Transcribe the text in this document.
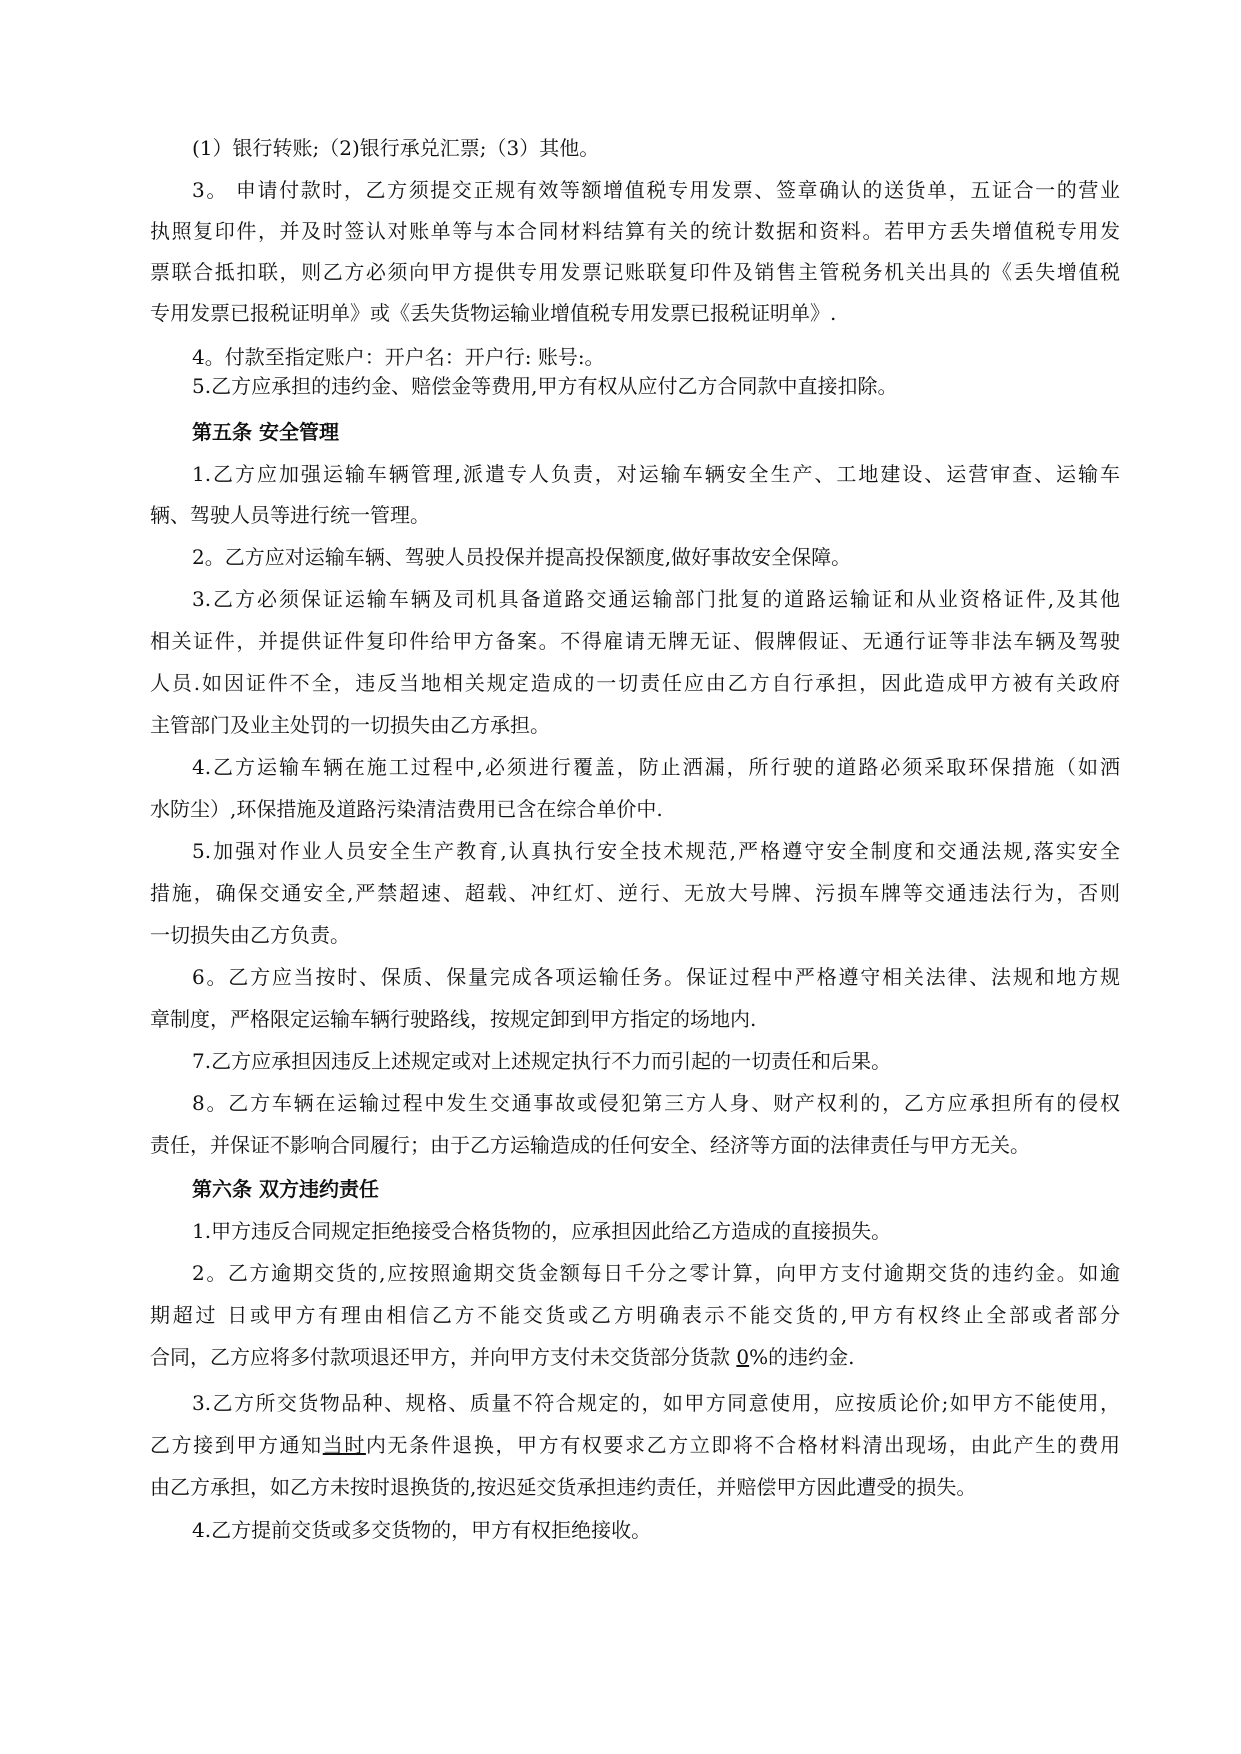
(1）银行转账;（2)银行承兑汇票;（3）其他。
3。 申请付款时，乙方须提交正规有效等额增值税专用发票、签章确认的送货单，五证合一的营业
执照复印件，并及时签认对账单等与本合同材料结算有关的统计数据和资料。若甲方丢失增值税专用发
票联合抵扣联，则乙方必须向甲方提供专用发票记账联复印件及销售主管税务机关出具的《丢失增值税
专用发票已报税证明单》或《丢失货物运输业增值税专用发票已报税证明单》.
4。付款至指定账户：开户名：开户行: 账号:。
5.乙方应承担的违约金、赔偿金等费用,甲方有权从应付乙方合同款中直接扣除。
第五条 安全管理
1.乙方应加强运输车辆管理,派遣专人负责，对运输车辆安全生产、工地建设、运营审查、运输车
辆、驾驶人员等进行统一管理。
2。乙方应对运输车辆、驾驶人员投保并提高投保额度,做好事故安全保障。
3.乙方必须保证运输车辆及司机具备道路交通运输部门批复的道路运输证和从业资格证件,及其他
相关证件，并提供证件复印件给甲方备案。不得雇请无牌无证、假牌假证、无通行证等非法车辆及驾驶
人员.如因证件不全，违反当地相关规定造成的一切责任应由乙方自行承担，因此造成甲方被有关政府
主管部门及业主处罚的一切损失由乙方承担。
4.乙方运输车辆在施工过程中,必须进行覆盖，防止洒漏，所行驶的道路必须采取环保措施（如洒
水防尘）,环保措施及道路污染清洁费用已含在综合单价中.
5.加强对作业人员安全生产教育,认真执行安全技术规范,严格遵守安全制度和交通法规,落实安全
措施，确保交通安全,严禁超速、超载、冲红灯、逆行、无放大号牌、污损车牌等交通违法行为，否则
一切损失由乙方负责。
6。乙方应当按时、保质、保量完成各项运输任务。保证过程中严格遵守相关法律、法规和地方规
章制度，严格限定运输车辆行驶路线，按规定卸到甲方指定的场地内.
7.乙方应承担因违反上述规定或对上述规定执行不力而引起的一切责任和后果。
8。乙方车辆在运输过程中发生交通事故或侵犯第三方人身、财产权利的，乙方应承担所有的侵权
责任，并保证不影响合同履行；由于乙方运输造成的任何安全、经济等方面的法律责任与甲方无关。
第六条 双方违约责任
1.甲方违反合同规定拒绝接受合格货物的，应承担因此给乙方造成的直接损失。
2。乙方逾期交货的,应按照逾期交货金额每日千分之零计算，向甲方支付逾期交货的违约金。如逾
期超过 日或甲方有理由相信乙方不能交货或乙方明确表示不能交货的,甲方有权终止全部或者部分
合同，乙方应将多付款项退还甲方，并向甲方支付未交货部分货款 0%的违约金.
3.乙方所交货物品种、规格、质量不符合规定的，如甲方同意使用，应按质论价;如甲方不能使用，
乙方接到甲方通知当时内无条件退换，甲方有权要求乙方立即将不合格材料清出现场，由此产生的费用
由乙方承担，如乙方未按时退换货的,按迟延交货承担违约责任，并赔偿甲方因此遭受的损失。
4.乙方提前交货或多交货物的，甲方有权拒绝接收。
